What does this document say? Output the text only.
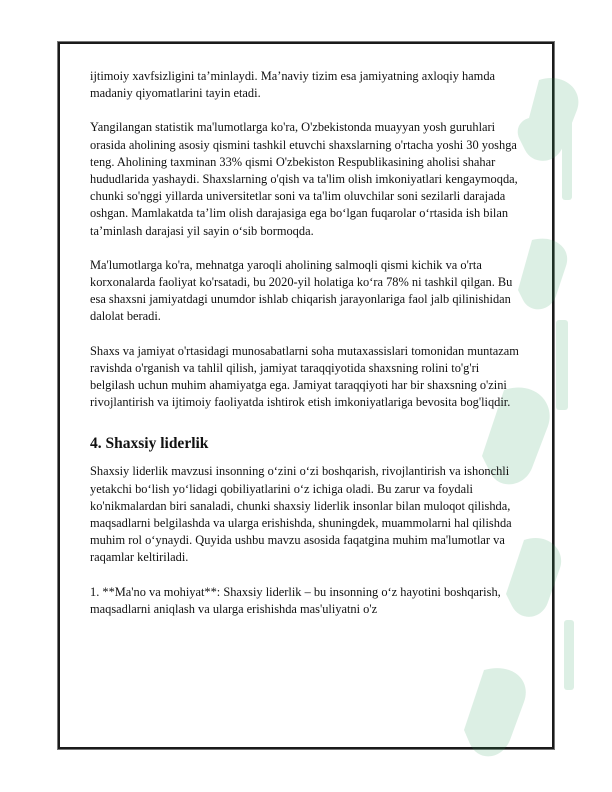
ijtimoiy xavfsizligini taʼminlaydi. Maʼnaviy tizim esa jamiyatning axloqiy hamda madaniy qiyomatlarini tayin etadi.

Yangilangan statistik ma'lumotlarga ko'ra, O'zbekistonda muayyan yosh guruhlari orasida aholining asosiy qismini tashkil etuvchi shaxslarning o'rtacha yoshi 30 yoshga teng. Aholining taxminan 33% qismi O'zbekiston Respublikasining aholisi shahar hududlarida yashaydi. Shaxslarning o'qish va ta'lim olish imkoniyatlari kengaymoqda, chunki so'nggi yillarda universitetlar soni va ta'lim oluvchilar soni sezilarli darajada oshgan. Mamlakatda ta’lim olish darajasiga ega bo‘lgan fuqarolar o‘rtasida ish bilan taʼminlash darajasi yil sayin o‘sib bormoqda.

Ma'lumotlarga ko'ra, mehnatga yaroqli aholining salmoqli qismi kichik va o'rta korxonalarda faoliyat ko'rsatadi, bu 2020-yil holatiga ko‘ra 78% ni tashkil qilgan. Bu esa shaxsni jamiyatdagi unumdor ishlab chiqarish jarayonlariga faol jalb qilinishidan dalolat beradi.

Shaxs va jamiyat o'rtasidagi munosabatlarni soha mutaxassislari tomonidan muntazam ravishda o'rganish va tahlil qilish, jamiyat taraqqiyotida shaxsning rolini to'g'ri belgilash uchun muhim ahamiyatga ega. Jamiyat taraqqiyoti har bir shaxsning o'zini rivojlantirish va ijtimoiy faoliyatda ishtirok etish imkoniyatlariga bevosita bog'liqdir.

4. Shaxsiy liderlik

Shaxsiy liderlik mavzusi insonning o‘zini o‘zi boshqarish, rivojlantirish va ishonchli yetakchi bo‘lish yo‘lidagi qobiliyatlarini o‘z ichiga oladi. Bu zarur va foydali ko'nikmalardan biri sanaladi, chunki shaxsiy liderlik insonlar bilan muloqot qilishda, maqsadlarni belgilashda va ularga erishishda, shuningdek, muammolarni hal qilishda muhim rol o‘ynaydi. Quyida ushbu mavzu asosida faqatgina muhim ma'lumotlar va raqamlar keltiriladi.

1. **Ma'no va mohiyat**: Shaxsiy liderlik – bu insonning o‘z hayotini boshqarish, maqsadlarni aniqlash va ularga erishishda mas'uliyatni o'z
